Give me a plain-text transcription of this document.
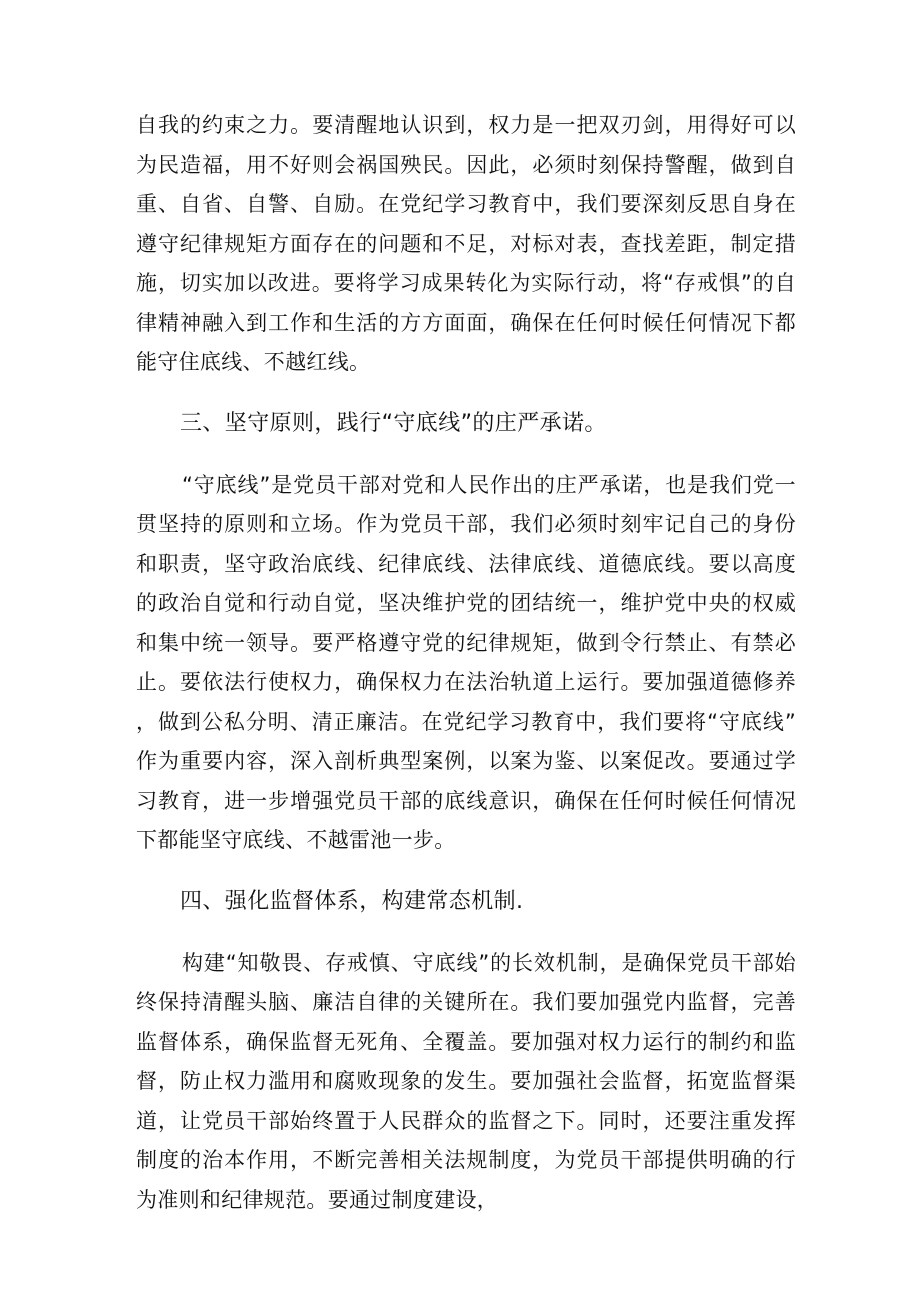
自我的约束之力。要清醒地认识到，权力是一把双刃剑，用得好可以为民造福，用不好则会祸国殃民。因此，必须时刻保持警醒，做到自重、自省、自警、自励。在党纪学习教育中，我们要深刻反思自身在遵守纪律规矩方面存在的问题和不足，对标对表，查找差距，制定措施，切实加以改进。要将学习成果转化为实际行动，将“存戒惧”的自律精神融入到工作和生活的方方面面，确保在任何时候任何情况下都能守住底线、不越红线。

三、坚守原则，践行“守底线”的庄严承诺。

“守底线”是党员干部对党和人民作出的庄严承诺，也是我们党一贯坚持的原则和立场。作为党员干部，我们必须时刻牢记自己的身份和职责，坚守政治底线、纪律底线、法律底线、道德底线。要以高度的政治自觉和行动自觉，坚决维护党的团结统一，维护党中央的权威和集中统一领导。要严格遵守党的纪律规矩，做到令行禁止、有禁必止。要依法行使权力，确保权力在法治轨道上运行。要加强道德修养，做到公私分明、清正廉洁。在党纪学习教育中，我们要将“守底线”作为重要内容，深入剖析典型案例，以案为鉴、以案促改。要通过学习教育，进一步增强党员干部的底线意识，确保在任何时候任何情况下都能坚守底线、不越雷池一步。

四、强化监督体系，构建常态机制.

构建“知敬畏、存戒慎、守底线”的长效机制，是确保党员干部始终保持清醒头脑、廉洁自律的关键所在。我们要加强党内监督，完善监督体系，确保监督无死角、全覆盖。要加强对权力运行的制约和监督，防止权力滥用和腐败现象的发生。要加强社会监督，拓宽监督渠道，让党员干部始终置于人民群众的监督之下。同时，还要注重发挥制度的治本作用，不断完善相关法规制度，为党员干部提供明确的行为准则和纪律规范。要通过制度建设，
